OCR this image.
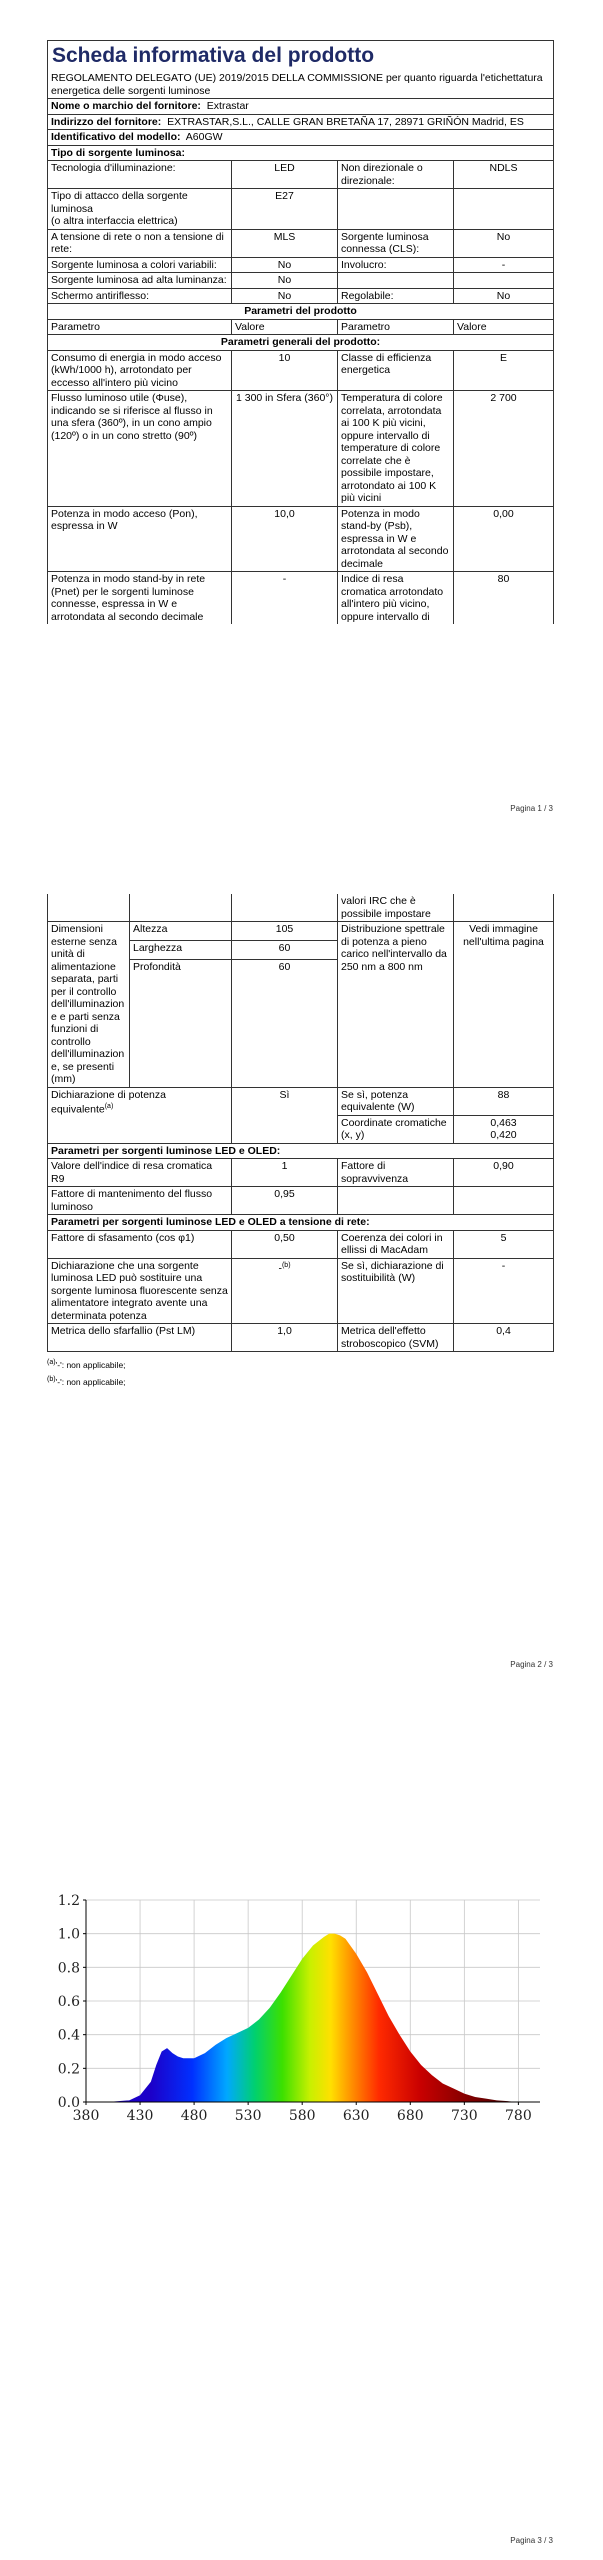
Scheda informativa del prodotto			
REGOLAMENTO DELEGATO (UE) 2019/2015 DELLA COMMISSIONE per quanto riguarda l'etichettatura energetica delle sorgenti luminose			
Nome o marchio del fornitore: Extrastar			
Indirizzo del fornitore: EXTRASTAR,S.L., CALLE GRAN BRETAÑA 17, 28971 GRIÑÓN Madrid, ES			
Identificativo del modello: A60GW			
Tipo di sorgente luminosa:			
Tecnologia d'illuminazione:	LED	Non direzionale o direzionale:	NDLS
Tipo di attacco della sorgente luminosa
(o altra interfaccia elettrica)	E27		
A tensione di rete o non a tensione di rete:	MLS	Sorgente luminosa connessa (CLS):	No
Sorgente luminosa a colori variabili:	No	Involucro:	-
Sorgente luminosa ad alta luminanza:	No		
Schermo antiriflesso:	No	Regolabile:	No
Parametri del prodotto			
Parametro	Valore	Parametro	Valore
Parametri generali del prodotto:			
Consumo di energia in modo acceso (kWh/1000 h), arrotondato per eccesso all'intero più vicino	10	Classe di efficienza energetica	E
Flusso luminoso utile (Φuse), indicando se si riferisce al flusso in una sfera (360º), in un cono ampio (120º) o in un cono stretto (90º)	1 300 in Sfera (360°)	Temperatura di colore correlata, arrotondata ai 100 K più vicini, oppure intervallo di temperature di colore correlate che è possibile impostare, arrotondato ai 100 K più vicini	2 700
Potenza in modo acceso (Pon), espressa in W	10,0	Potenza in modo stand-by (Psb), espressa in W e arrotondata al secondo decimale	0,00
Potenza in modo stand-by in rete (Pnet) per le sorgenti luminose connesse, espressa in W e arrotondata al secondo decimale	-	Indice di resa cromatica arrotondato all'intero più vicino, oppure intervallo di	80
Pagina 1 / 3
			valori IRC che è possibile impostare	
Dimensioni esterne senza unità di alimentazione separata, parti per il controllo dell'illuminazione e parti senza funzioni di controllo dell'illuminazione, se presenti (mm)	Altezza	105	Distribuzione spettrale di potenza a pieno carico nell'intervallo da 250 nm a 800 nm	Vedi immagine nell'ultima pagina
	Larghezza	60		
	Profondità	60		
Dichiarazione di potenza equivalente$^{(a)}$		Sì	Se sì, potenza equivalente (W)	88
			Coordinate cromatiche (x, y)	0,463
0,420
Parametri per sorgenti luminose LED e OLED:				
Valore dell'indice di resa cromatica R9		1	Fattore di sopravvivenza	0,90
Fattore di mantenimento del flusso luminoso		0,95		
Parametri per sorgenti luminose LED e OLED a tensione di rete:				
Fattore di sfasamento (cos φ1)		0,50	Coerenza dei colori in ellissi di MacAdam	5
Dichiarazione che una sorgente luminosa LED può sostituire una sorgente luminosa fluorescente senza alimentatore integrato avente una determinata potenza		-$^{(b)}$	Se sì, dichiarazione di sostituibilità (W)	-
Metrica dello sfarfallio (Pst LM)		1,0	Metrica dell'effetto stroboscopico (SVM)	0,4
$^{(a)}$'-': non applicabile;
$^{(b)}$'-': non applicabile;
Pagina 2 / 3
380 430 480 530 580 630 680 730 780
0.0
0.2
0.4
0.6
0.8
1.0
1.2
Pagina 3 / 3
